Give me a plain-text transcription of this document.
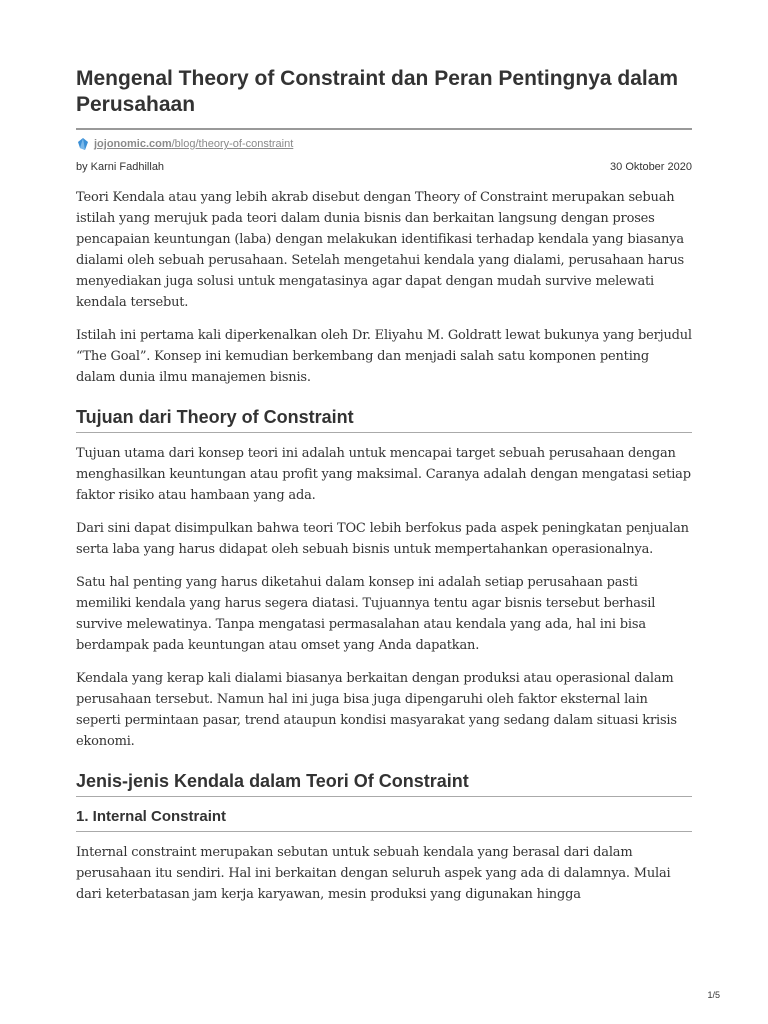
Mengenal Theory of Constraint dan Peran Pentingnya dalam Perusahaan
jojonomic.com/blog/theory-of-constraint
by Karni Fadhillah	30 Oktober 2020

Teori Kendala atau yang lebih akrab disebut dengan Theory of Constraint merupakan sebuah istilah yang merujuk pada teori dalam dunia bisnis dan berkaitan langsung dengan proses pencapaian keuntungan (laba) dengan melakukan identifikasi terhadap kendala yang biasanya dialami oleh sebuah perusahaan. Setelah mengetahui kendala yang dialami, perusahaan harus menyediakan juga solusi untuk mengatasinya agar dapat dengan mudah survive melewati kendala tersebut.

Istilah ini pertama kali diperkenalkan oleh Dr. Eliyahu M. Goldratt lewat bukunya yang berjudul “The Goal”. Konsep ini kemudian berkembang dan menjadi salah satu komponen penting dalam dunia ilmu manajemen bisnis.

Tujuan dari Theory of Constraint

Tujuan utama dari konsep teori ini adalah untuk mencapai target sebuah perusahaan dengan menghasilkan keuntungan atau profit yang maksimal. Caranya adalah dengan mengatasi setiap faktor risiko atau hambaan yang ada.

Dari sini dapat disimpulkan bahwa teori TOC lebih berfokus pada aspek peningkatan penjualan serta laba yang harus didapat oleh sebuah bisnis untuk mempertahankan operasionalnya.

Satu hal penting yang harus diketahui dalam konsep ini adalah setiap perusahaan pasti memiliki kendala yang harus segera diatasi. Tujuannya tentu agar bisnis tersebut berhasil survive melewatinya. Tanpa mengatasi permasalahan atau kendala yang ada, hal ini bisa berdampak pada keuntungan atau omset yang Anda dapatkan.

Kendala yang kerap kali dialami biasanya berkaitan dengan produksi atau operasional dalam perusahaan tersebut. Namun hal ini juga bisa juga dipengaruhi oleh faktor eksternal lain seperti permintaan pasar, trend ataupun kondisi masyarakat yang sedang dalam situasi krisis ekonomi.

Jenis-jenis Kendala dalam Teori Of Constraint
1. Internal Constraint

Internal constraint merupakan sebutan untuk sebuah kendala yang berasal dari dalam perusahaan itu sendiri. Hal ini berkaitan dengan seluruh aspek yang ada di dalamnya. Mulai dari keterbatasan jam kerja karyawan, mesin produksi yang digunakan hingga

1/5
